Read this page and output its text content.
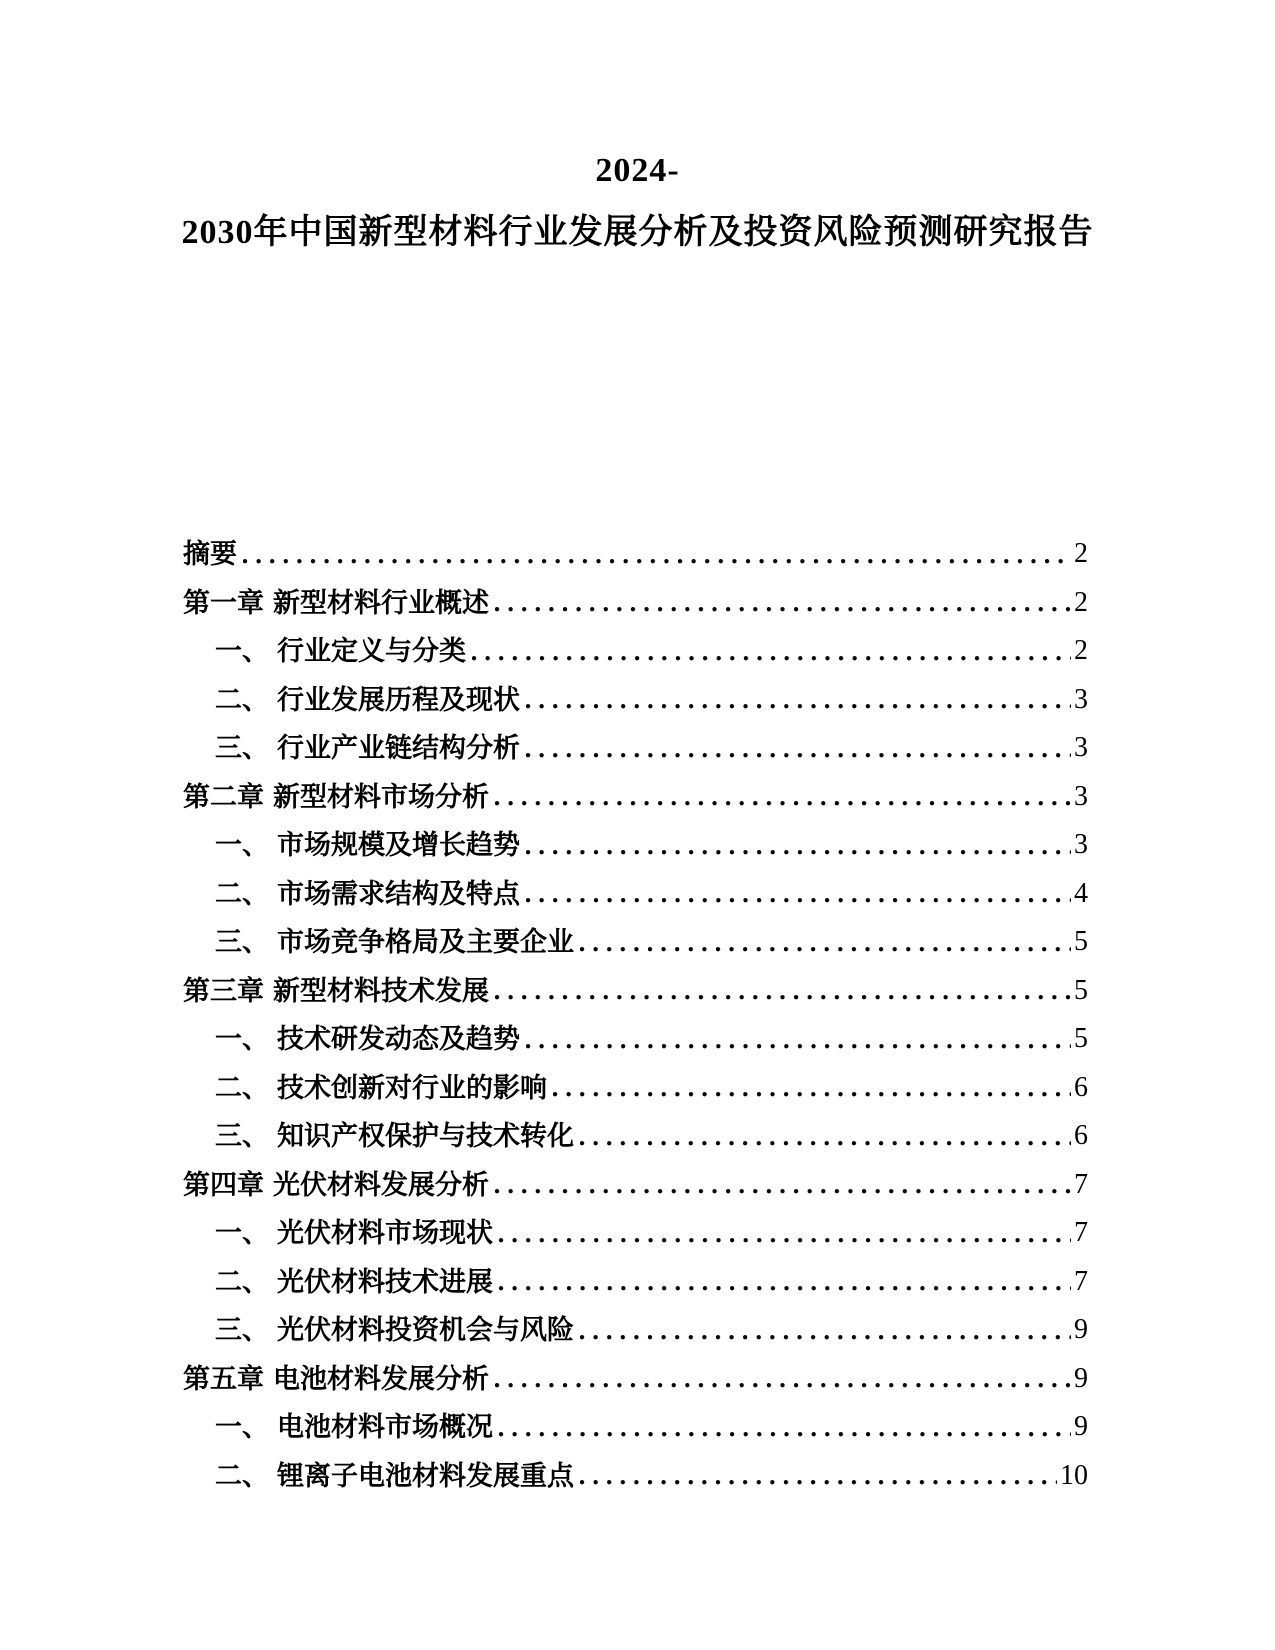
2024-
2030年中国新型材料行业发展分析及投资风险预测研究报告
摘要	2
第一章 新型材料行业概述	2
一、 行业定义与分类	2
二、 行业发展历程及现状	3
三、 行业产业链结构分析	3
第二章 新型材料市场分析	3
一、 市场规模及增长趋势	3
二、 市场需求结构及特点	4
三、 市场竞争格局及主要企业	5
第三章 新型材料技术发展	5
一、 技术研发动态及趋势	5
二、 技术创新对行业的影响	6
三、 知识产权保护与技术转化	6
第四章 光伏材料发展分析	7
一、 光伏材料市场现状	7
二、 光伏材料技术进展	7
三、 光伏材料投资机会与风险	9
第五章 电池材料发展分析	9
一、 电池材料市场概况	9
二、 锂离子电池材料发展重点	10
